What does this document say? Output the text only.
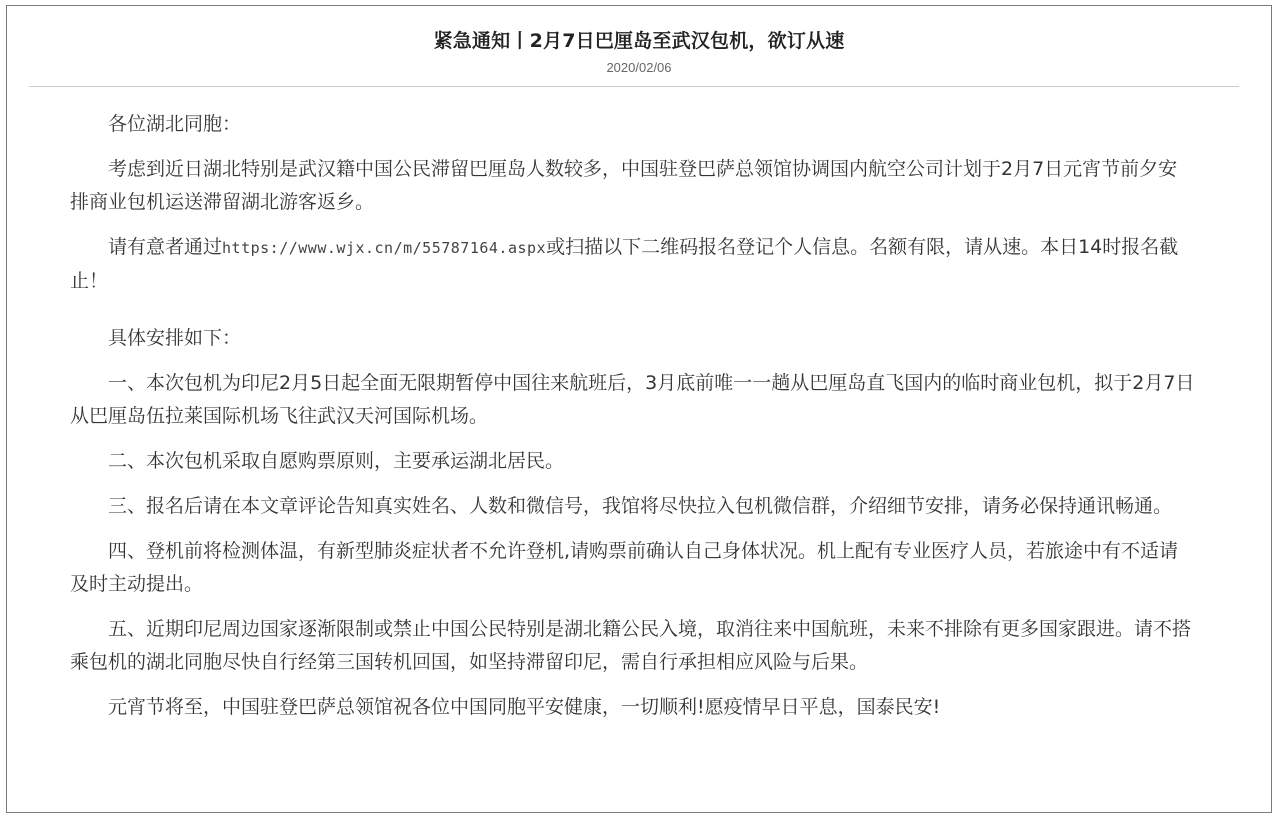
紧急通知丨2月7日巴厘岛至武汉包机，欲订从速
2020/02/06

各位湖北同胞：

考虑到近日湖北特别是武汉籍中国公民滞留巴厘岛人数较多，中国驻登巴萨总领馆协调国内航空公司计划于2月7日元宵节前夕安排商业包机运送滞留湖北游客返乡。

请有意者通过https://www.wjx.cn/m/55787164.aspx或扫描以下二维码报名登记个人信息。名额有限，请从速。本日14时报名截止！

具体安排如下：

一、本次包机为印尼2月5日起全面无限期暂停中国往来航班后，3月底前唯一一趟从巴厘岛直飞国内的临时商业包机，拟于2月7日从巴厘岛伍拉莱国际机场飞往武汉天河国际机场。

二、本次包机采取自愿购票原则，主要承运湖北居民。

三、报名后请在本文章评论告知真实姓名、人数和微信号，我馆将尽快拉入包机微信群，介绍细节安排，请务必保持通讯畅通。

四、登机前将检测体温，有新型肺炎症状者不允许登机,请购票前确认自己身体状况。机上配有专业医疗人员，若旅途中有不适请及时主动提出。

五、近期印尼周边国家逐渐限制或禁止中国公民特别是湖北籍公民入境，取消往来中国航班，未来不排除有更多国家跟进。请不搭乘包机的湖北同胞尽快自行经第三国转机回国，如坚持滞留印尼，需自行承担相应风险与后果。

元宵节将至，中国驻登巴萨总领馆祝各位中国同胞平安健康，一切顺利!愿疫情早日平息，国泰民安!
